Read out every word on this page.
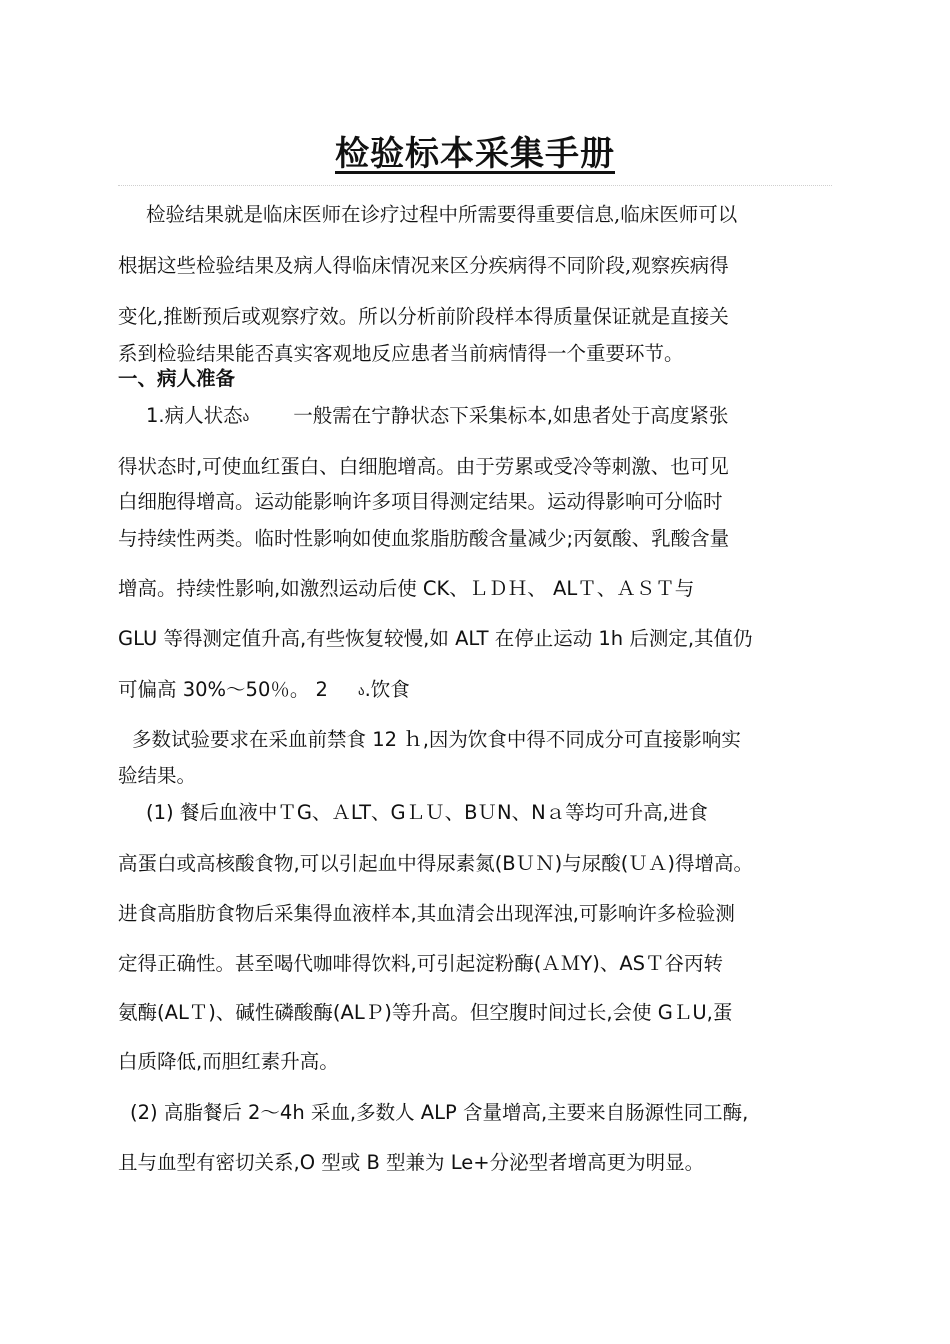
检验标本采集手册

检验结果就是临床医师在诊疗过程中所需要得重要信息,临床医师可以

根据这些检验结果及病人得临床情况来区分疾病得不同阶段,观察疾病得

变化,推断预后或观察疗效。所以分析前阶段样本得质量保证就是直接关

系到检验结果能否真实客观地反应患者当前病情得一个重要环节。

一、病人准备

1.病人状态ა 一般需在宁静状态下采集标本,如患者处于高度紧张

得状态时,可使血红蛋白、白细胞增高。由于劳累或受冷等刺激、也可见

白细胞得增高。运动能影响许多项目得测定结果。运动得影响可分临时

与持续性两类。临时性影响如使血浆脂肪酸含量减少;丙氨酸、乳酸含量

增高。持续性影响,如激烈运动后使 CK、ＬＤＨ、 ALＴ、ＡＳＴ与

GLU 等得测定值升高,有些恢复较慢,如 ALT 在停止运动 1h 后测定,其值仍

可偏高 30%～50％。 2 ა.饮食

多数试验要求在采血前禁食 12 ｈ,因为饮食中得不同成分可直接影响实

验结果。

(1) 餐后血液中ＴG、ＡLT、GＬＵ、BＵN、Nａ等均可升高,进食

高蛋白或高核酸食物,可以引起血中得尿素氮(BＵＮ)与尿酸(ＵＡ)得增高。

进食高脂肪食物后采集得血液样本,其血清会出现浑浊,可影响许多检验测

定得正确性。甚至喝代咖啡得饮料,可引起淀粉酶(ＡＭY)、ASＴ谷丙转

氨酶(ALＴ)、碱性磷酸酶(ALＰ)等升高。但空腹时间过长,会使 GＬU,蛋

白质降低,而胆红素升高。

(2) 高脂餐后 2～4h 采血,多数人 ALP 含量增高,主要来自肠源性同工酶,

且与血型有密切关系,O 型或 B 型兼为 Le+分泌型者增高更为明显。
